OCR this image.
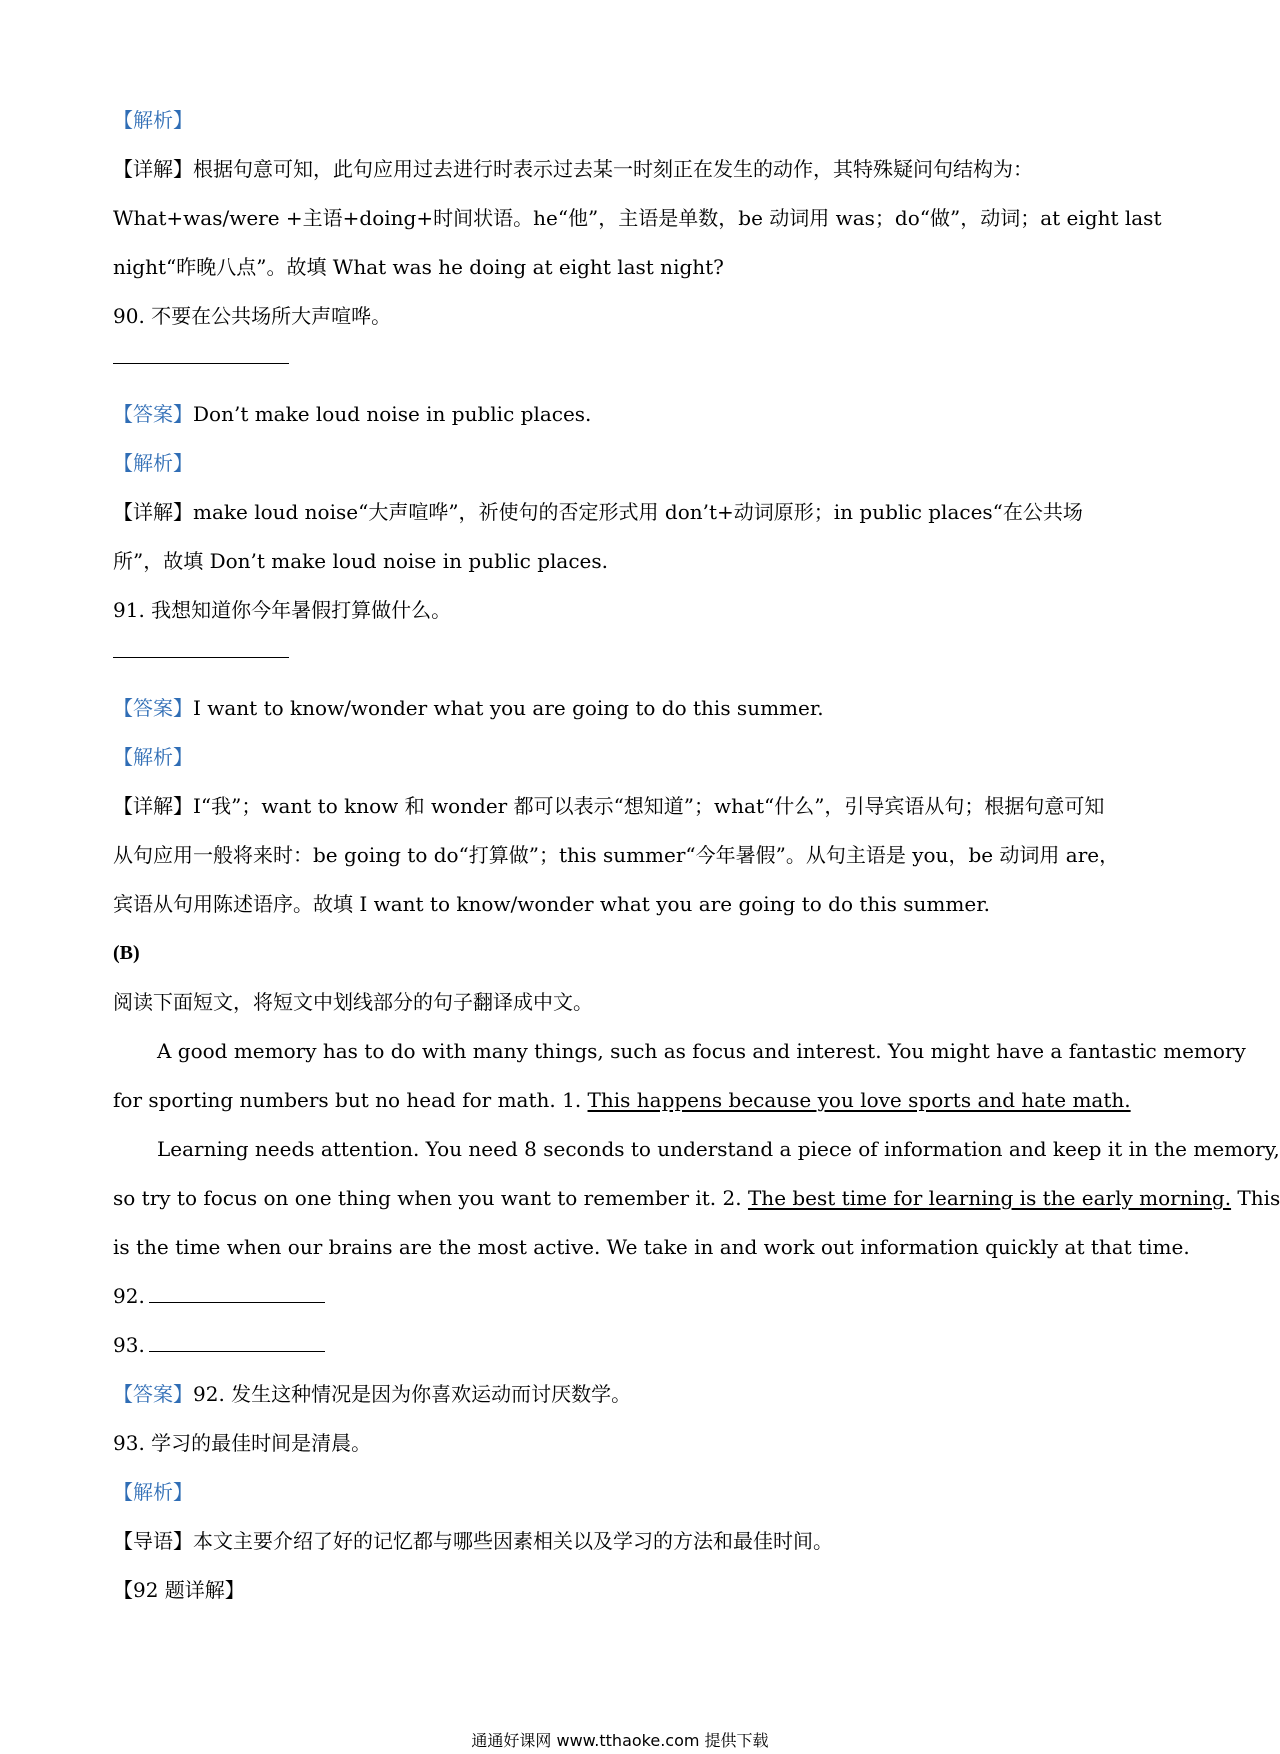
【解析】
【详解】根据句意可知，此句应用过去进行时表示过去某一时刻正在发生的动作，其特殊疑问句结构为：
What+was/were +主语+doing+时间状语。he“他”，主语是单数，be 动词用 was；do“做”，动词；at eight last
night“昨晚八点”。故填 What was he doing at eight last night?
90. 不要在公共场所大声喧哗。
【答案】Don’t make loud noise in public places.
【解析】
【详解】make loud noise“大声喧哗”，祈使句的否定形式用 don’t+动词原形；in public places“在公共场
所”，故填 Don’t make loud noise in public places.
91. 我想知道你今年暑假打算做什么。
【答案】I want to know/wonder what you are going to do this summer.
【解析】
【详解】I“我”；want to know 和 wonder 都可以表示“想知道”；what“什么”，引导宾语从句；根据句意可知
从句应用一般将来时：be going to do“打算做”；this summer“今年暑假”。从句主语是 you，be 动词用 are，
宾语从句用陈述语序。故填 I want to know/wonder what you are going to do this summer.
(B)
阅读下面短文，将短文中划线部分的句子翻译成中文。
A good memory has to do with many things, such as focus and interest. You might have a fantastic memory
for sporting numbers but no head for math. 1. This happens because you love sports and hate math.
Learning needs attention. You need 8 seconds to understand a piece of information and keep it in the memory,
so try to focus on one thing when you want to remember it. 2. The best time for learning is the early morning. This
is the time when our brains are the most active. We take in and work out information quickly at that time.
92.
93.
【答案】92. 发生这种情况是因为你喜欢运动而讨厌数学。
93. 学习的最佳时间是清晨。
【解析】
【导语】本文主要介绍了好的记忆都与哪些因素相关以及学习的方法和最佳时间。
【92 题详解】
通通好课网 www.tthaoke.com 提供下载
